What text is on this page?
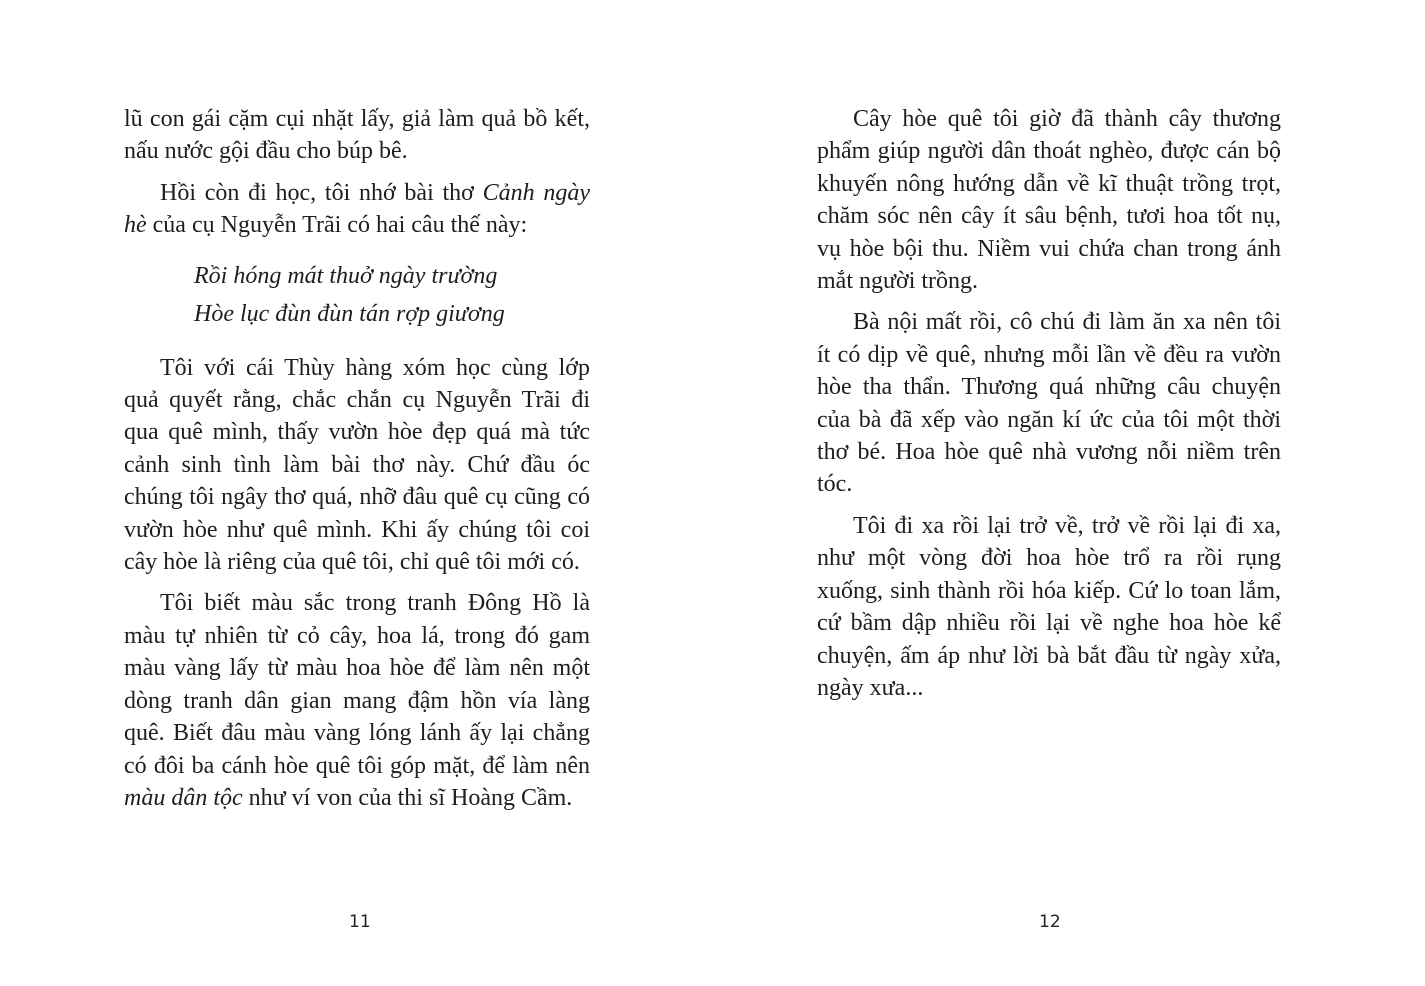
lũ con gái cặm cụi nhặt lấy, giả làm quả bồ kết, nấu nước gội đầu cho búp bê.

Hồi còn đi học, tôi nhớ bài thơ Cảnh ngày hè của cụ Nguyễn Trãi có hai câu thế này:

Rồi hóng mát thuở ngày trường
Hòe lục đùn đùn tán rợp giương

Tôi với cái Thùy hàng xóm học cùng lớp quả quyết rằng, chắc chắn cụ Nguyễn Trãi đi qua quê mình, thấy vườn hòe đẹp quá mà tức cảnh sinh tình làm bài thơ này. Chứ đầu óc chúng tôi ngây thơ quá, nhỡ đâu quê cụ cũng có vườn hòe như quê mình. Khi ấy chúng tôi coi cây hòe là riêng của quê tôi, chỉ quê tôi mới có.

Tôi biết màu sắc trong tranh Đông Hồ là màu tự nhiên từ cỏ cây, hoa lá, trong đó gam màu vàng lấy từ màu hoa hòe để làm nên một dòng tranh dân gian mang đậm hồn vía làng quê. Biết đâu màu vàng lóng lánh ấy lại chẳng có đôi ba cánh hòe quê tôi góp mặt, để làm nên màu dân tộc như ví von của thi sĩ Hoàng Cầm.

11

Cây hòe quê tôi giờ đã thành cây thương phẩm giúp người dân thoát nghèo, được cán bộ khuyến nông hướng dẫn về kĩ thuật trồng trọt, chăm sóc nên cây ít sâu bệnh, tươi hoa tốt nụ, vụ hòe bội thu. Niềm vui chứa chan trong ánh mắt người trồng.

Bà nội mất rồi, cô chú đi làm ăn xa nên tôi ít có dịp về quê, nhưng mỗi lần về đều ra vườn hòe tha thẩn. Thương quá những câu chuyện của bà đã xếp vào ngăn kí ức của tôi một thời thơ bé. Hoa hòe quê nhà vương nỗi niềm trên tóc.

Tôi đi xa rồi lại trở về, trở về rồi lại đi xa, như một vòng đời hoa hòe trổ ra rồi rụng xuống, sinh thành rồi hóa kiếp. Cứ lo toan lắm, cứ bầm dập nhiều rồi lại về nghe hoa hòe kể chuyện, ấm áp như lời bà bắt đầu từ ngày xửa, ngày xưa...

12
